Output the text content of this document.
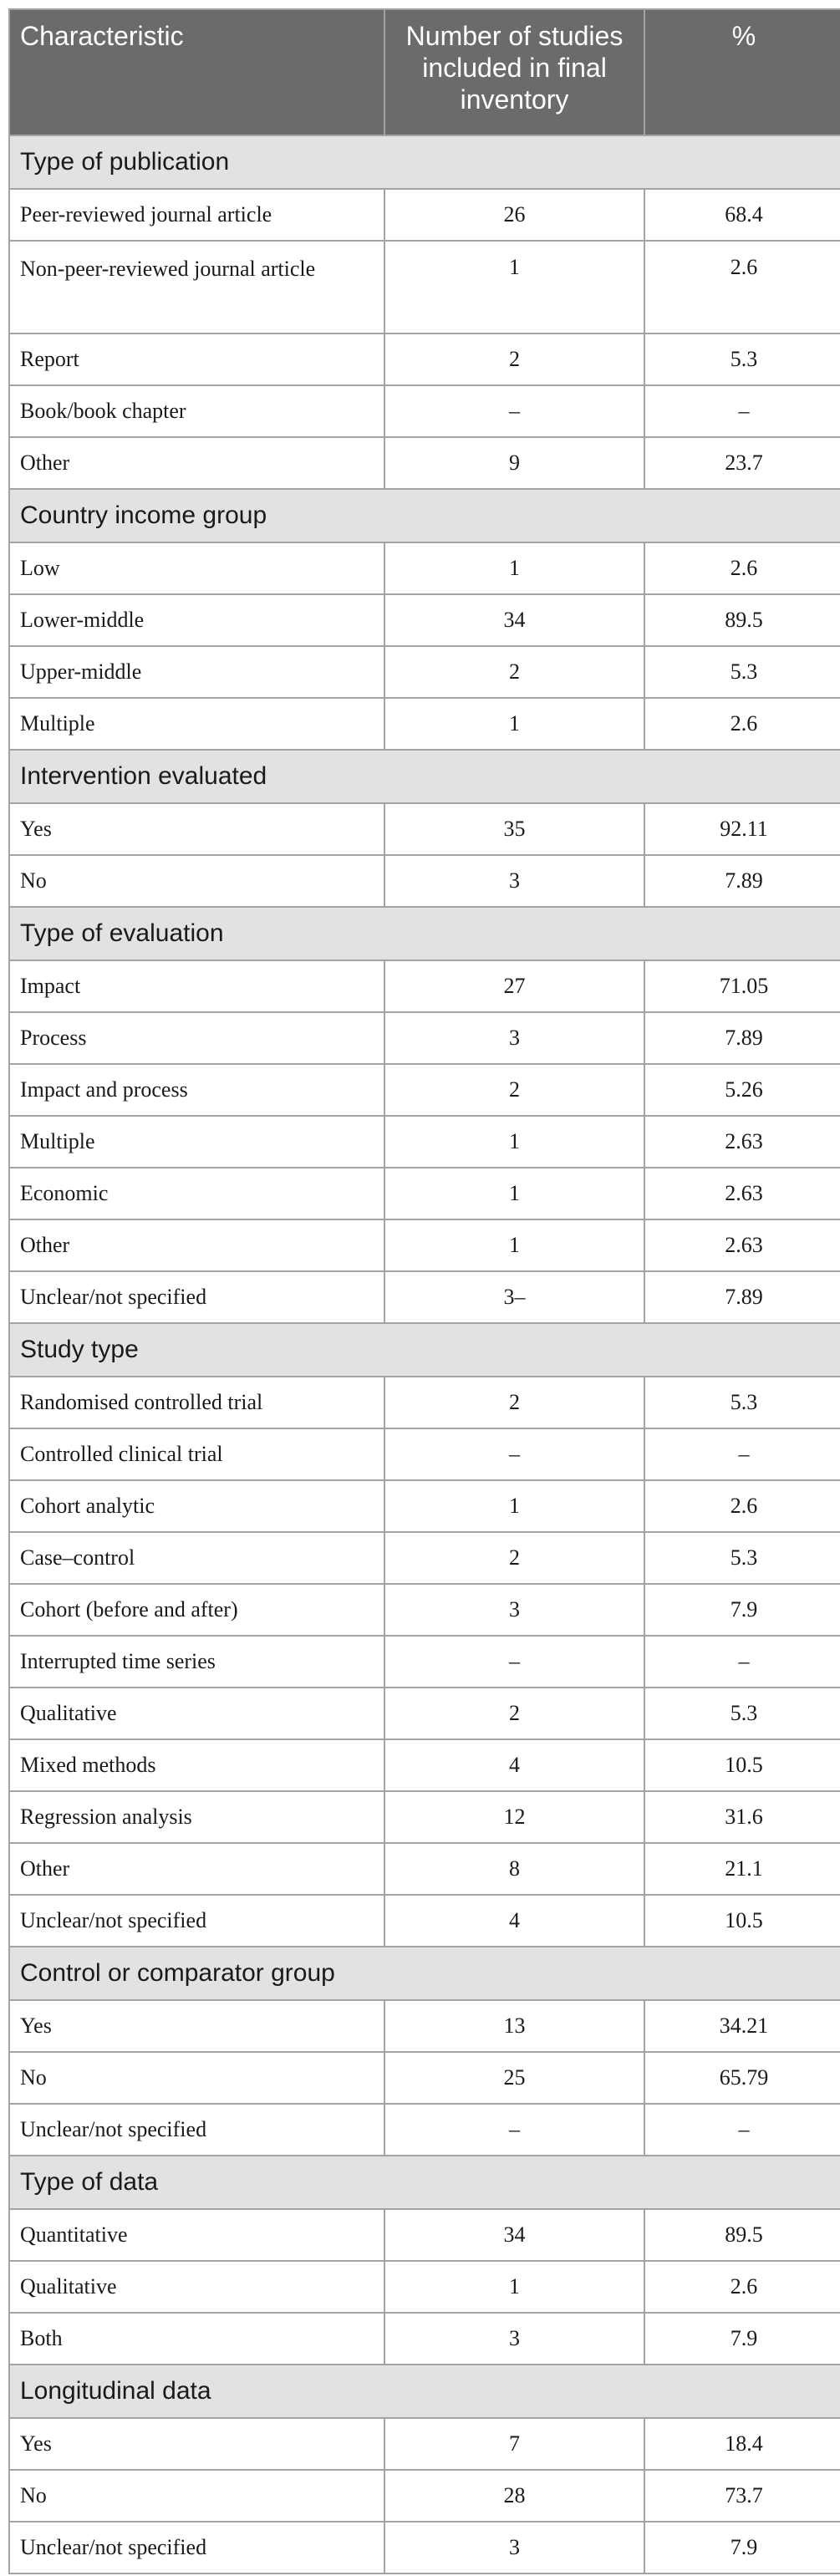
Characteristic	Number of studies included in final inventory	%
Type of publication		
Peer-reviewed journal article	26	68.4
Non-peer-reviewed journal article	1	2.6
Report	2	5.3
Book/book chapter	–	–
Other	9	23.7
Country income group		
Low	1	2.6
Lower-middle	34	89.5
Upper-middle	2	5.3
Multiple	1	2.6
Intervention evaluated		
Yes	35	92.11
No	3	7.89
Type of evaluation		
Impact	27	71.05
Process	3	7.89
Impact and process	2	5.26
Multiple	1	2.63
Economic	1	2.63
Other	1	2.63
Unclear/not specified	3–	7.89
Study type		
Randomised controlled trial	2	5.3
Controlled clinical trial	–	–
Cohort analytic	1	2.6
Case–control	2	5.3
Cohort (before and after)	3	7.9
Interrupted time series	–	–
Qualitative	2	5.3
Mixed methods	4	10.5
Regression analysis	12	31.6
Other	8	21.1
Unclear/not specified	4	10.5
Control or comparator group		
Yes	13	34.21
No	25	65.79
Unclear/not specified	–	–
Type of data		
Quantitative	34	89.5
Qualitative	1	2.6
Both	3	7.9
Longitudinal data		
Yes	7	18.4
No	28	73.7
Unclear/not specified	3	7.9
